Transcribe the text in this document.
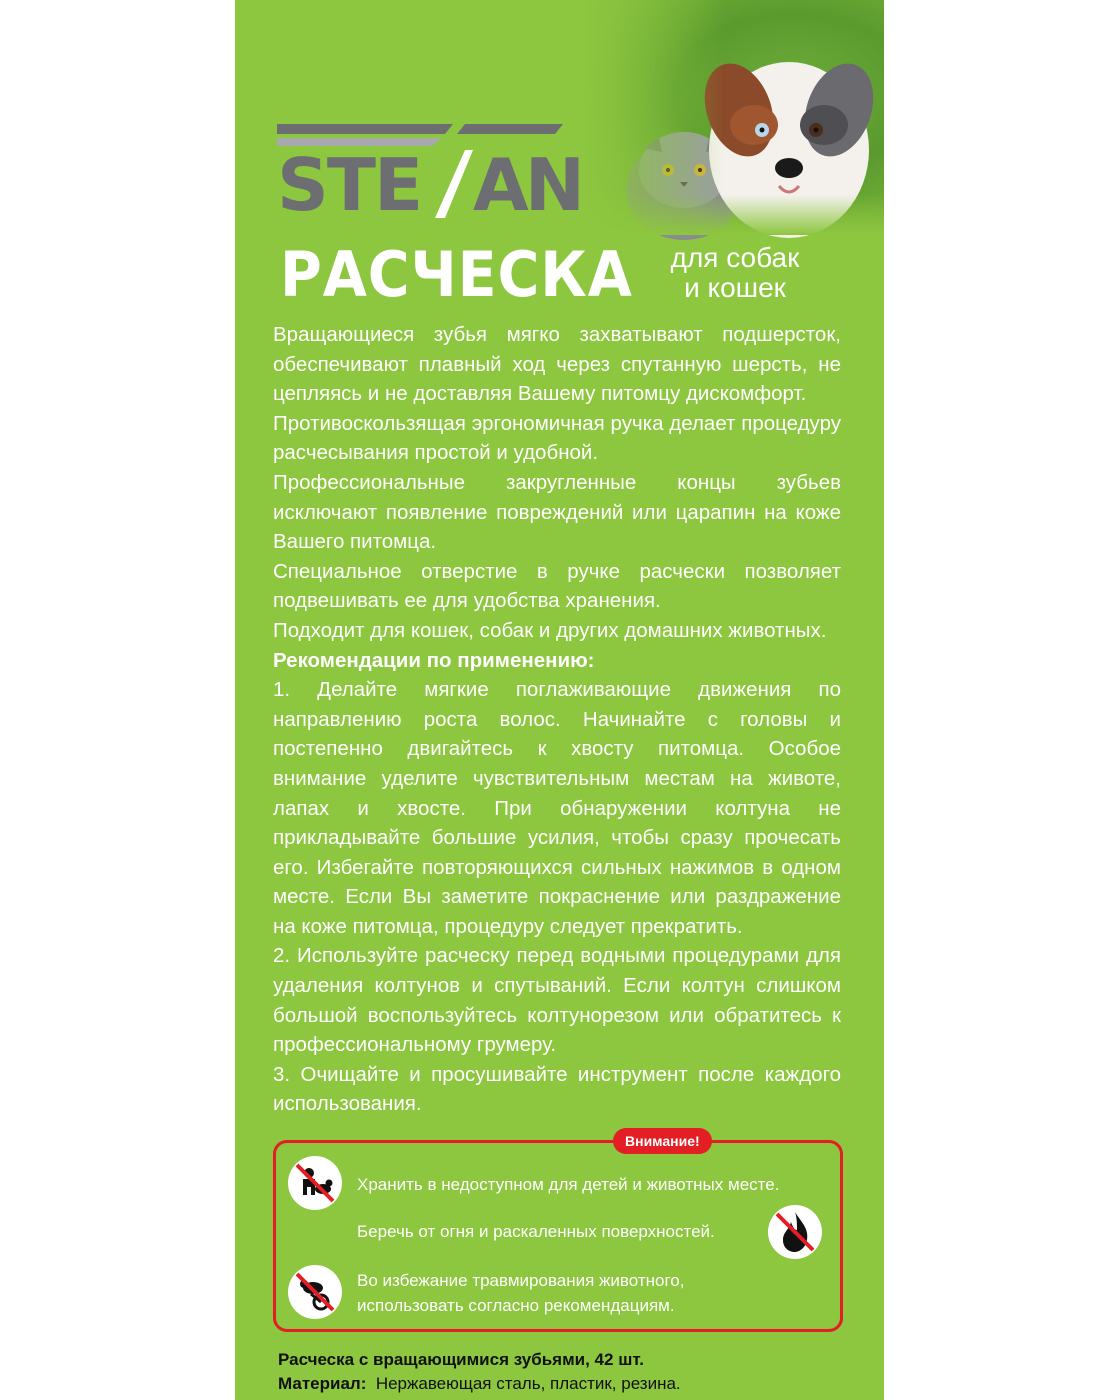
STE AN
РАСЧЕСКА	для собак
и кошек

Вращающиеся зубья мягко захватывают подшерсток, обеспечивают плавный ход через спутанную шерсть, не цепляясь и не доставляя Вашему питомцу дискомфорт.

Противоскользящая эргономичная ручка делает процедуру расчесывания простой и удобной.

Профессиональные закругленные концы зубьев исключают появление повреждений или царапин на коже Вашего питомца.

Специальное отверстие в ручке расчески позволяет подвешивать ее для удобства хранения.

Подходит для кошек, собак и других домашних животных.

Рекомендации по применению:

1. Делайте мягкие поглаживающие движения по направлению роста волос. Начинайте с головы и постепенно двигайтесь к хвосту питомца. Особое внимание уделите чувствительным местам на животе, лапах и хвосте. При обнаружении колтуна не прикладывайте большие усилия, чтобы сразу прочесать его. Избегайте повторяющихся сильных нажимов в одном месте. Если Вы заметите покраснение или раздражение на коже питомца, процедуру следует прекратить.

2. Используйте расческу перед водными процедурами для удаления колтунов и спутываний. Если колтун слишком большой воспользуйтесь колтунорезом или обратитесь к профессиональному грумеру.

3. Очищайте и просушивайте инструмент после каждого использования.

Внимание!
Хранить в недоступном для детей и животных месте.
Беречь от огня и раскаленных поверхностей.
Во избежание травмирования животного,
использовать согласно рекомендациям.
Расческа с вращающимися зубьями, 42 шт.
Материал: Нержавеющая сталь, пластик, резина.
